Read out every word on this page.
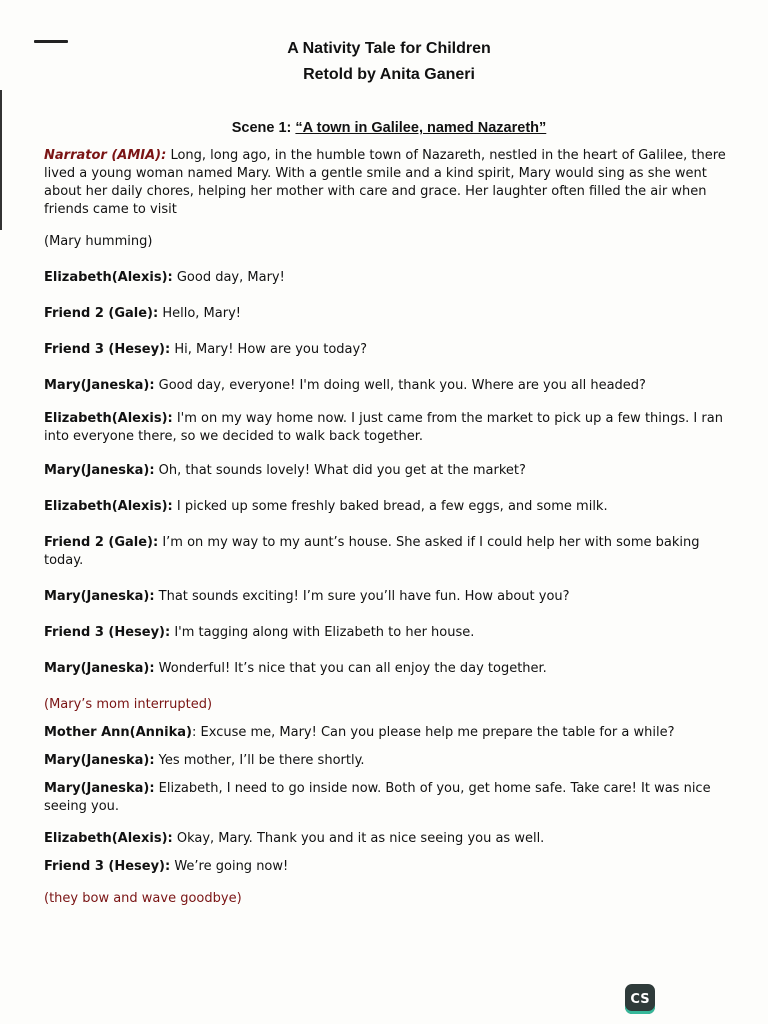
A Nativity Tale for Children

Retold by Anita Ganeri

Scene 1: “A town in Galilee, named Nazareth”

Narrator (AMIA): Long, long ago, in the humble town of Nazareth, nestled in the heart of Galilee, there lived a young woman named Mary. With a gentle smile and a kind spirit, Mary would sing as she went about her daily chores, helping her mother with care and grace. Her laughter often filled the air when friends came to visit

(Mary humming)

Elizabeth(Alexis): Good day, Mary!

Friend 2 (Gale): Hello, Mary!

Friend 3 (Hesey): Hi, Mary! How are you today?

Mary(Janeska): Good day, everyone! I'm doing well, thank you. Where are you all headed?

Elizabeth(Alexis): I'm on my way home now. I just came from the market to pick up a few things. I ran into everyone there, so we decided to walk back together.

Mary(Janeska): Oh, that sounds lovely! What did you get at the market?

Elizabeth(Alexis): I picked up some freshly baked bread, a few eggs, and some milk.

Friend 2 (Gale): I’m on my way to my aunt’s house. She asked if I could help her with some baking today.

Mary(Janeska): That sounds exciting! I’m sure you’ll have fun. How about you?

Friend 3 (Hesey): I'm tagging along with Elizabeth to her house.

Mary(Janeska): Wonderful! It’s nice that you can all enjoy the day together.

(Mary’s mom interrupted)

Mother Ann(Annika): Excuse me, Mary! Can you please help me prepare the table for a while?

Mary(Janeska): Yes mother, I’ll be there shortly.

Mary(Janeska): Elizabeth, I need to go inside now. Both of you, get home safe. Take care! It was nice seeing you.

Elizabeth(Alexis): Okay, Mary. Thank you and it as nice seeing you as well.

Friend 3 (Hesey): We’re going now!

(they bow and wave goodbye)

CS
